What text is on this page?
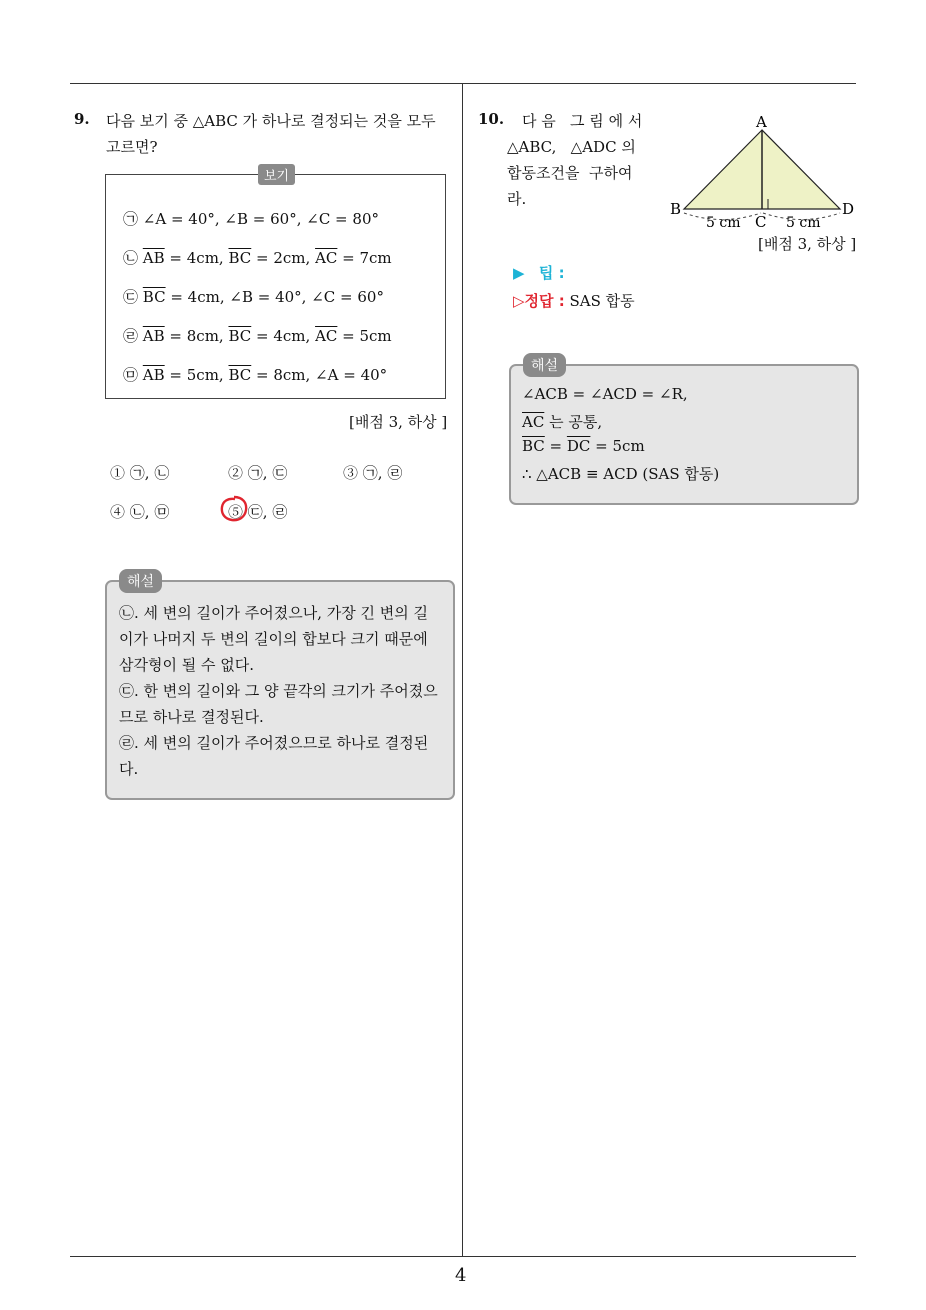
4
9. 다음 보기 중 △ABC 가 하나로 결정되는 것을 모두
고르면?
보기
㉠ ∠A = 40°, ∠B = 60°, ∠C = 80°
㉡ $\overline{AB} = 4cm$, $\overline{BC} = 2cm$, $\overline{AC} = 7cm$
㉢ $\overline{BC} = 4cm$, ∠B = 40°, ∠C = 60°
㉣ $\overline{AB} = 8cm$, $\overline{BC} = 4cm$, $\overline{AC} = 5cm$
㉤ $\overline{AB} = 5cm$, $\overline{BC} = 8cm$, ∠A = 40°
[배점 3, 하상 ]
① ㉠, ㉡	② ㉠, ㉢	③ ㉠, ㉣
④ ㉡, ㉤	⑤ ㉢, ㉣
해설
㉡. 세 변의 길이가 주어졌으나, 가장 긴 변의 길
이가 나머지 두 변의 길이의 합보다 크기 때문에
삼각형이 될 수 없다.
㉢. 한 변의 길이와 그 양 끝각의 크기가 주어졌으
므로 하나로 결정된다.
㉣. 세 변의 길이가 주어졌으므로 하나로 결정된
다.
10. 다 음   그 림 에 서
△ABC,   △ADC 의
합동조건을  구하여
라.
A
B
C
D
5 cm	5 cm
[배점 3, 하상 ]
▶ 팁 :
▷정답 : SAS 합동
해설
∠ACB = ∠ACD = ∠R,
$\overline{AC}$ 는 공통,
$\overline{BC} = \overline{DC} = 5cm$
∴ △ACB ≡ ACD (SAS 합동)
